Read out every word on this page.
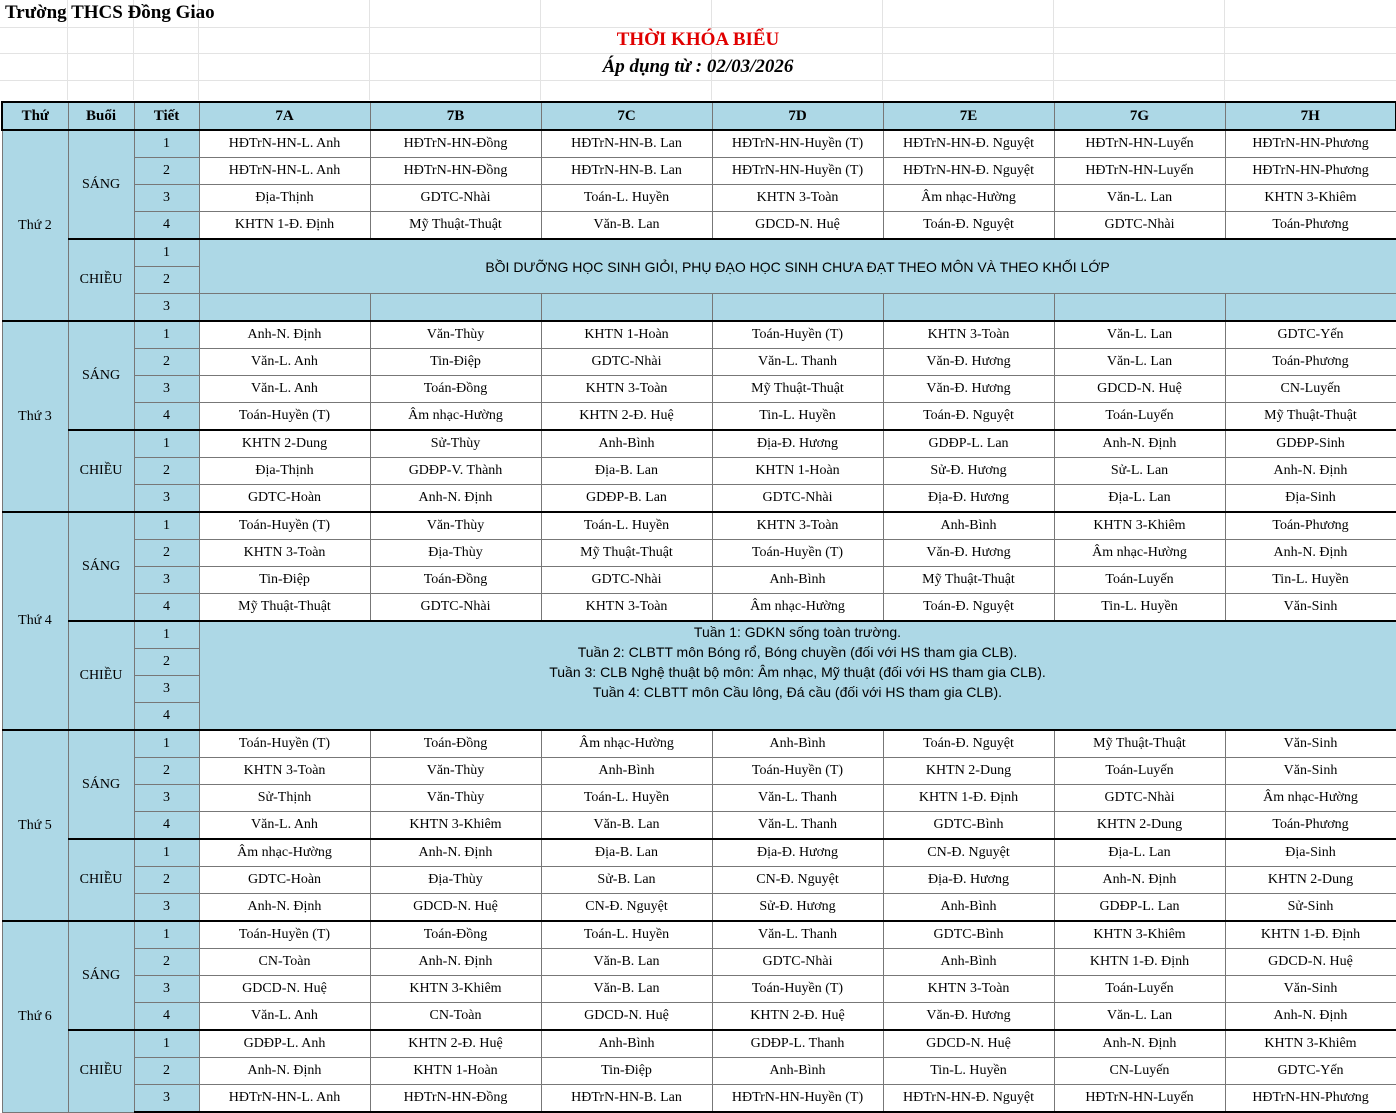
Trường THCS Đồng Giao
THỜI KHÓA BIỂU
Áp dụng từ : 02/03/2026
Thứ	Buổi	Tiết	7A	7B	7C	7D	7E	7G	7H
Thứ 2	SÁNG	1	HĐTrN-HN-L. Anh	HĐTrN-HN-Đồng	HĐTrN-HN-B. Lan	HĐTrN-HN-Huyền (T)	HĐTrN-HN-Đ. Nguyệt	HĐTrN-HN-Luyến	HĐTrN-HN-Phương
		2	HĐTrN-HN-L. Anh	HĐTrN-HN-Đồng	HĐTrN-HN-B. Lan	HĐTrN-HN-Huyền (T)	HĐTrN-HN-Đ. Nguyệt	HĐTrN-HN-Luyến	HĐTrN-HN-Phương
		3	Địa-Thịnh	GDTC-Nhài	Toán-L. Huyền	KHTN 3-Toàn	Âm nhạc-Hường	Văn-L. Lan	KHTN 3-Khiêm
		4	KHTN 1-Đ. Định	Mỹ Thuật-Thuật	Văn-B. Lan	GDCD-N. Huệ	Toán-Đ. Nguyệt	GDTC-Nhài	Toán-Phương
	CHIỀU	1	BỒI DƯỠNG HỌC SINH GIỎI, PHỤ ĐẠO HỌC SINH CHƯA ĐẠT THEO MÔN VÀ THEO KHỐI LỚP						
		2							
		3							
Thứ 3	SÁNG	1	Anh-N. Định	Văn-Thùy	KHTN 1-Hoàn	Toán-Huyền (T)	KHTN 3-Toàn	Văn-L. Lan	GDTC-Yến
		2	Văn-L. Anh	Tin-Điệp	GDTC-Nhài	Văn-L. Thanh	Văn-Đ. Hương	Văn-L. Lan	Toán-Phương
		3	Văn-L. Anh	Toán-Đồng	KHTN 3-Toàn	Mỹ Thuật-Thuật	Văn-Đ. Hương	GDCD-N. Huệ	CN-Luyến
		4	Toán-Huyền (T)	Âm nhạc-Hường	KHTN 2-Đ. Huệ	Tin-L. Huyền	Toán-Đ. Nguyệt	Toán-Luyến	Mỹ Thuật-Thuật
	CHIỀU	1	KHTN 2-Dung	Sử-Thùy	Anh-Bình	Địa-Đ. Hương	GDĐP-L. Lan	Anh-N. Định	GDĐP-Sinh
		2	Địa-Thịnh	GDĐP-V. Thành	Địa-B. Lan	KHTN 1-Hoàn	Sử-Đ. Hương	Sử-L. Lan	Anh-N. Định
		3	GDTC-Hoàn	Anh-N. Định	GDĐP-B. Lan	GDTC-Nhài	Địa-Đ. Hương	Địa-L. Lan	Địa-Sinh
Thứ 4	SÁNG	1	Toán-Huyền (T)	Văn-Thùy	Toán-L. Huyền	KHTN 3-Toàn	Anh-Bình	KHTN 3-Khiêm	Toán-Phương
		2	KHTN 3-Toàn	Địa-Thùy	Mỹ Thuật-Thuật	Toán-Huyền (T)	Văn-Đ. Hương	Âm nhạc-Hường	Anh-N. Định
		3	Tin-Điệp	Toán-Đồng	GDTC-Nhài	Anh-Bình	Mỹ Thuật-Thuật	Toán-Luyến	Tin-L. Huyền
		4	Mỹ Thuật-Thuật	GDTC-Nhài	KHTN 3-Toàn	Âm nhạc-Hường	Toán-Đ. Nguyệt	Tin-L. Huyền	Văn-Sinh
	CHIỀU	1	Tuần 1: GDKN sống toàn trường.
Tuần 2: CLBTT môn Bóng rổ, Bóng chuyền (đối với HS tham gia CLB).
Tuần 3: CLB Nghệ thuật bộ môn: Âm nhạc, Mỹ thuật (đối với HS tham gia CLB).
Tuần 4: CLBTT môn Cầu lông, Đá cầu (đối với HS tham gia CLB).						

		2							
		3							
		4							
Thứ 5	SÁNG	1	Toán-Huyền (T)	Toán-Đồng	Âm nhạc-Hường	Anh-Bình	Toán-Đ. Nguyệt	Mỹ Thuật-Thuật	Văn-Sinh
		2	KHTN 3-Toàn	Văn-Thùy	Anh-Bình	Toán-Huyền (T)	KHTN 2-Dung	Toán-Luyến	Văn-Sinh
		3	Sử-Thịnh	Văn-Thùy	Toán-L. Huyền	Văn-L. Thanh	KHTN 1-Đ. Định	GDTC-Nhài	Âm nhạc-Hường
		4	Văn-L. Anh	KHTN 3-Khiêm	Văn-B. Lan	Văn-L. Thanh	GDTC-Bình	KHTN 2-Dung	Toán-Phương
	CHIỀU	1	Âm nhạc-Hường	Anh-N. Định	Địa-B. Lan	Địa-Đ. Hương	CN-Đ. Nguyệt	Địa-L. Lan	Địa-Sinh
		2	GDTC-Hoàn	Địa-Thùy	Sử-B. Lan	CN-Đ. Nguyệt	Địa-Đ. Hương	Anh-N. Định	KHTN 2-Dung
		3	Anh-N. Định	GDCD-N. Huệ	CN-Đ. Nguyệt	Sử-Đ. Hương	Anh-Bình	GDĐP-L. Lan	Sử-Sinh
Thứ 6	SÁNG	1	Toán-Huyền (T)	Toán-Đồng	Toán-L. Huyền	Văn-L. Thanh	GDTC-Bình	KHTN 3-Khiêm	KHTN 1-Đ. Định
		2	CN-Toàn	Anh-N. Định	Văn-B. Lan	GDTC-Nhài	Anh-Bình	KHTN 1-Đ. Định	GDCD-N. Huệ
		3	GDCD-N. Huệ	KHTN 3-Khiêm	Văn-B. Lan	Toán-Huyền (T)	KHTN 3-Toàn	Toán-Luyến	Văn-Sinh
		4	Văn-L. Anh	CN-Toàn	GDCD-N. Huệ	KHTN 2-Đ. Huệ	Văn-Đ. Hương	Văn-L. Lan	Anh-N. Định
	CHIỀU	1	GDĐP-L. Anh	KHTN 2-Đ. Huệ	Anh-Bình	GDĐP-L. Thanh	GDCD-N. Huệ	Anh-N. Định	KHTN 3-Khiêm
		2	Anh-N. Định	KHTN 1-Hoàn	Tin-Điệp	Anh-Bình	Tin-L. Huyền	CN-Luyến	GDTC-Yến
		3	HĐTrN-HN-L. Anh	HĐTrN-HN-Đồng	HĐTrN-HN-B. Lan	HĐTrN-HN-Huyền (T)	HĐTrN-HN-Đ. Nguyệt	HĐTrN-HN-Luyến	HĐTrN-HN-Phương
